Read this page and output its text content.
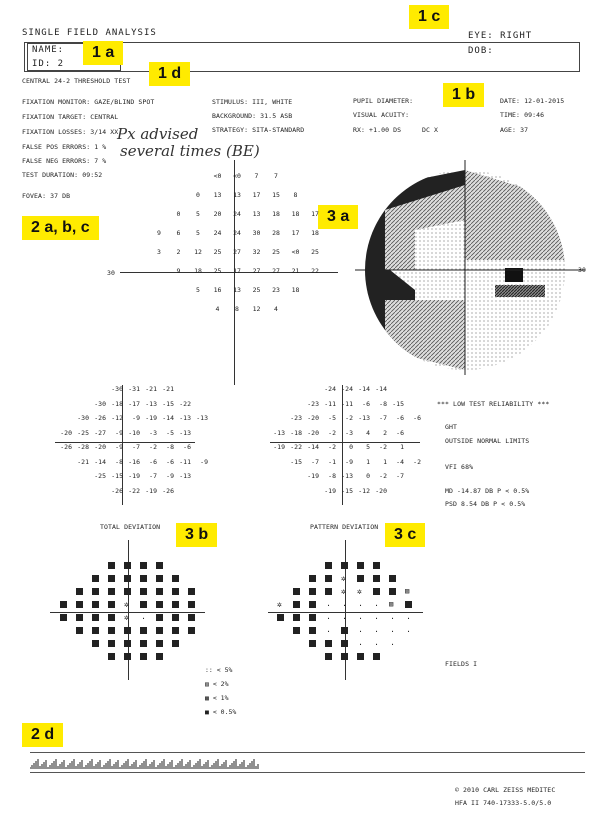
SINGLE FIELD ANALYSIS
NAME:
ID: 2
EYE: RIGHT
DOB:
CENTRAL 24-2 THRESHOLD TEST
1 a
1 b
1 c
1 d
2 a, b, c
2 d
3 a
3 b	3 c
FIXATION MONITOR: GAZE/BLIND SPOT
FIXATION TARGET: CENTRAL
FIXATION LOSSES: 3/14 XX
FALSE POS ERRORS: 1 %
FALSE NEG ERRORS: 7 %
TEST DURATION: 09:52
FOVEA: 37 DB
STIMULUS: III, WHITE
BACKGROUND: 31.5 ASB
STRATEGY: SITA-STANDARD
PUPIL DIAMETER:
VISUAL ACUITY:
RX: +1.00 DS	DC X
DATE: 12-01-2015
TIME: 09:46
AGE: 37
Px advised
several times (BE)
30
<0	<0	7	7
0	13	13	17	15	8
0	5	20	24	13	18	18	17
9	6	5	24	24	30	28	17	18
3	2	12	25	27	32	25	<0	25
9	18	25	17	27	27	21	22
5	16	13	25	23	18
4	8	12	4
30
-30 -31 -21 -21
-30 -18 -17 -13 -15 -22
-30 -26 -12	-9 -19 -14 -13 -13
-20 -25 -27	-9 -10	-3	-5 -13
-26 -28 -20	-9	-7	-2	-8	-6
-21 -14	-8 -16	-6	-6 -11	-9
-25 -15 -19	-7	-9 -13
-26 -22 -19 -26
-24 -24 -14 -14
-23 -11 -11	-6	-8 -15
-23 -20	-5	-2 -13	-7	-6	-6
-13 -18 -20	-2	-3	4	2	-6
-19 -22 -14	-2	0	5	-2	1
-15	-7	-1	-9	1	1	-4	-2
-19	-8 -13	0	-2	-7
-19 -15 -12 -20
*** LOW TEST RELIABILITY ***
GHT
OUTSIDE NORMAL LIMITS
VFI 68%
MD -14.87 DB P < 0.5%
PSD 8.54 DB P < 0.5%
TOTAL DEVIATION	PATTERN DEVIATION
✲
✲ ·
✲
✲ ✲	▨
✲	· · · · ▨
· · · · · ·
·	· · · ·
· · ·
:: < 5%
▨ < 2%
▩ < 1%
■ < 0.5%
FIELDS I
© 2010 CARL ZEISS MEDITEC
HFA II 740-17333-5.0/5.0
